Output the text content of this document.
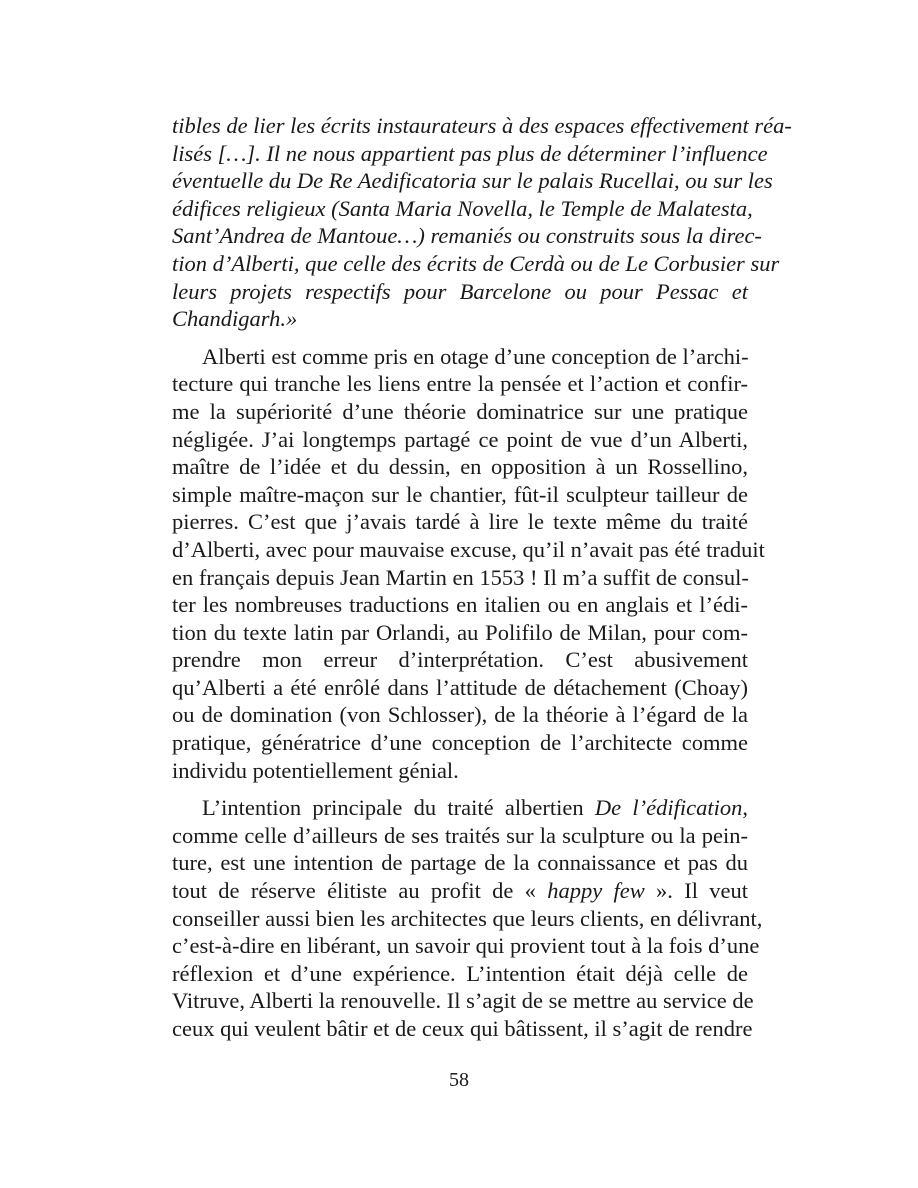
tibles de lier les écrits instaurateurs à des espaces effectivement réa-
lisés […]. Il ne nous appartient pas plus de déterminer l’influence
éventuelle du De Re Aedificatoria sur le palais Rucellai, ou sur les
édifices religieux (Santa Maria Novella, le Temple de Malatesta,
Sant’Andrea de Mantoue…) remaniés ou construits sous la direc-
tion d’Alberti, que celle des écrits de Cerdà ou de Le Corbusier sur
leurs projets respectifs pour Barcelone ou pour Pessac et
Chandigarh.»
Alberti est comme pris en otage d’une conception de l’archi-
tecture qui tranche les liens entre la pensée et l’action et confir-
me la supériorité d’une théorie dominatrice sur une pratique
négligée. J’ai longtemps partagé ce point de vue d’un Alberti,
maître de l’idée et du dessin, en opposition à un Rossellino,
simple maître-maçon sur le chantier, fût-il sculpteur tailleur de
pierres. C’est que j’avais tardé à lire le texte même du traité
d’Alberti, avec pour mauvaise excuse, qu’il n’avait pas été traduit
en français depuis Jean Martin en 1553 ! Il m’a suffit de consul-
ter les nombreuses traductions en italien ou en anglais et l’édi-
tion du texte latin par Orlandi, au Polifilo de Milan, pour com-
prendre mon erreur d’interprétation. C’est abusivement
qu’Alberti a été enrôlé dans l’attitude de détachement (Choay)
ou de domination (von Schlosser), de la théorie à l’égard de la
pratique, génératrice d’une conception de l’architecte comme
individu potentiellement génial.
L’intention principale du traité albertien De l’édification,
comme celle d’ailleurs de ses traités sur la sculpture ou la pein-
ture, est une intention de partage de la connaissance et pas du
tout de réserve élitiste au profit de « happy few ». Il veut
conseiller aussi bien les architectes que leurs clients, en délivrant,
c’est-à-dire en libérant, un savoir qui provient tout à la fois d’une
réflexion et d’une expérience. L’intention était déjà celle de
Vitruve, Alberti la renouvelle. Il s’agit de se mettre au service de
ceux qui veulent bâtir et de ceux qui bâtissent, il s’agit de rendre
58
